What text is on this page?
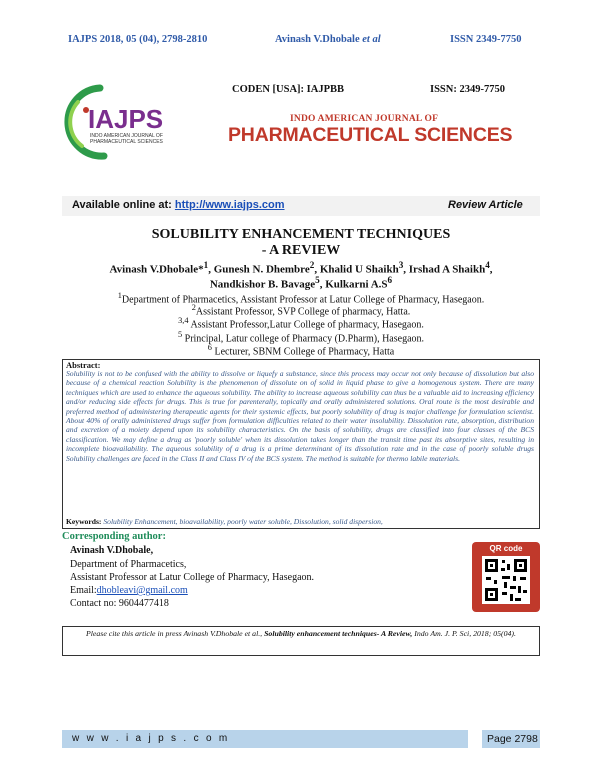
IAJPS 2018, 05 (04), 2798-2810	Avinash V.Dhobale et al	ISSN 2349-7750
IAJPS
INDO AMERICAN JOURNAL OF
PHARMACEUTICAL SCIENCES
CODEN [USA]: IAJPBB	ISSN: 2349-7750
INDO AMERICAN JOURNAL OF
PHARMACEUTICAL SCIENCES
Available online at: http://www.iajps.com	Review Article
SOLUBILITY ENHANCEMENT TECHNIQUES
- A REVIEW
Avinash V.Dhobale*$^1$, Gunesh N. Dhembre$^2$, Khalid U Shaikh$^3$, Irshad A Shaikh$^4$,
Nandkishor B. Bavage$^5$, Kulkarni $A.S^6$
$^1$Department of Pharmacetics, Assistant Professor at Latur College of Pharmacy, Hasegaon.
$^2$Assistant Professor, SVP College of pharmacy, Hatta.
$^{3,4}$ Assistant Professor,Latur College of pharmacy, Hasegaon.
$^5$ Principal, Latur college of Pharmacy (D.Pharm), Hasegaon.
$^6$ Lecturer, SBNM College of Pharmacy, Hatta
Abstract:
Solubility is not to be confused with the ability to dissolve or liquefy a substance, since this process may occur not only because of dissolution but also because of a chemical reaction Solubility is the phenomenon of dissolute on of solid in liquid phase to give a homogenous system. There are many techniques which are used to enhance the aqueous solubility. The ability to increase aqueous solubility can thus be a valuable aid to increasing efficiency and/or reducing side effects for drugs. This is true for parenterally, topically and orally administered solutions. Oral route is the most desirable and preferred method of administering therapeutic agents for their systemic effects, but poorly solubility of drug is major challenge for formulation scientist. About 40% of orally administered drugs suffer from formulation difficulties related to their water insolubility. Dissolution rate, absorption, distribution and excretion of a moiety depend upon its solubility characteristics. On the basis of solubility, drugs are classified into four classes of the BCS classification. We may define a drug as 'poorly soluble' when its dissolution takes longer than the transit time past its absorptive sites, resulting in incomplete bioavailability. The aqueous solubility of a drug is a prime determinant of its dissolution rate and in the case of poorly soluble drugs Solubility challenges are faced in the Class II and Class IV of the BCS system. The method is suitable for thermo labile materials.
Keywords: Solubility Enhancement, bioavailability, poorly water soluble, Dissolution, solid dispersion,
Corresponding author:
Avinash V.Dhobale,
Department of Pharmacetics,
Assistant Professor at Latur College of Pharmacy, Hasegaon.
Email:dhobleavi@gmail.com
Contact no: 9604477418
QR code
Please cite this article in press Avinash V.Dhobale et al., Solubility enhancement techniques- A Review, Indo Am. J. P. Sci, 2018; 05(04).
w w w . i a j p s . c o m	Page 2798
